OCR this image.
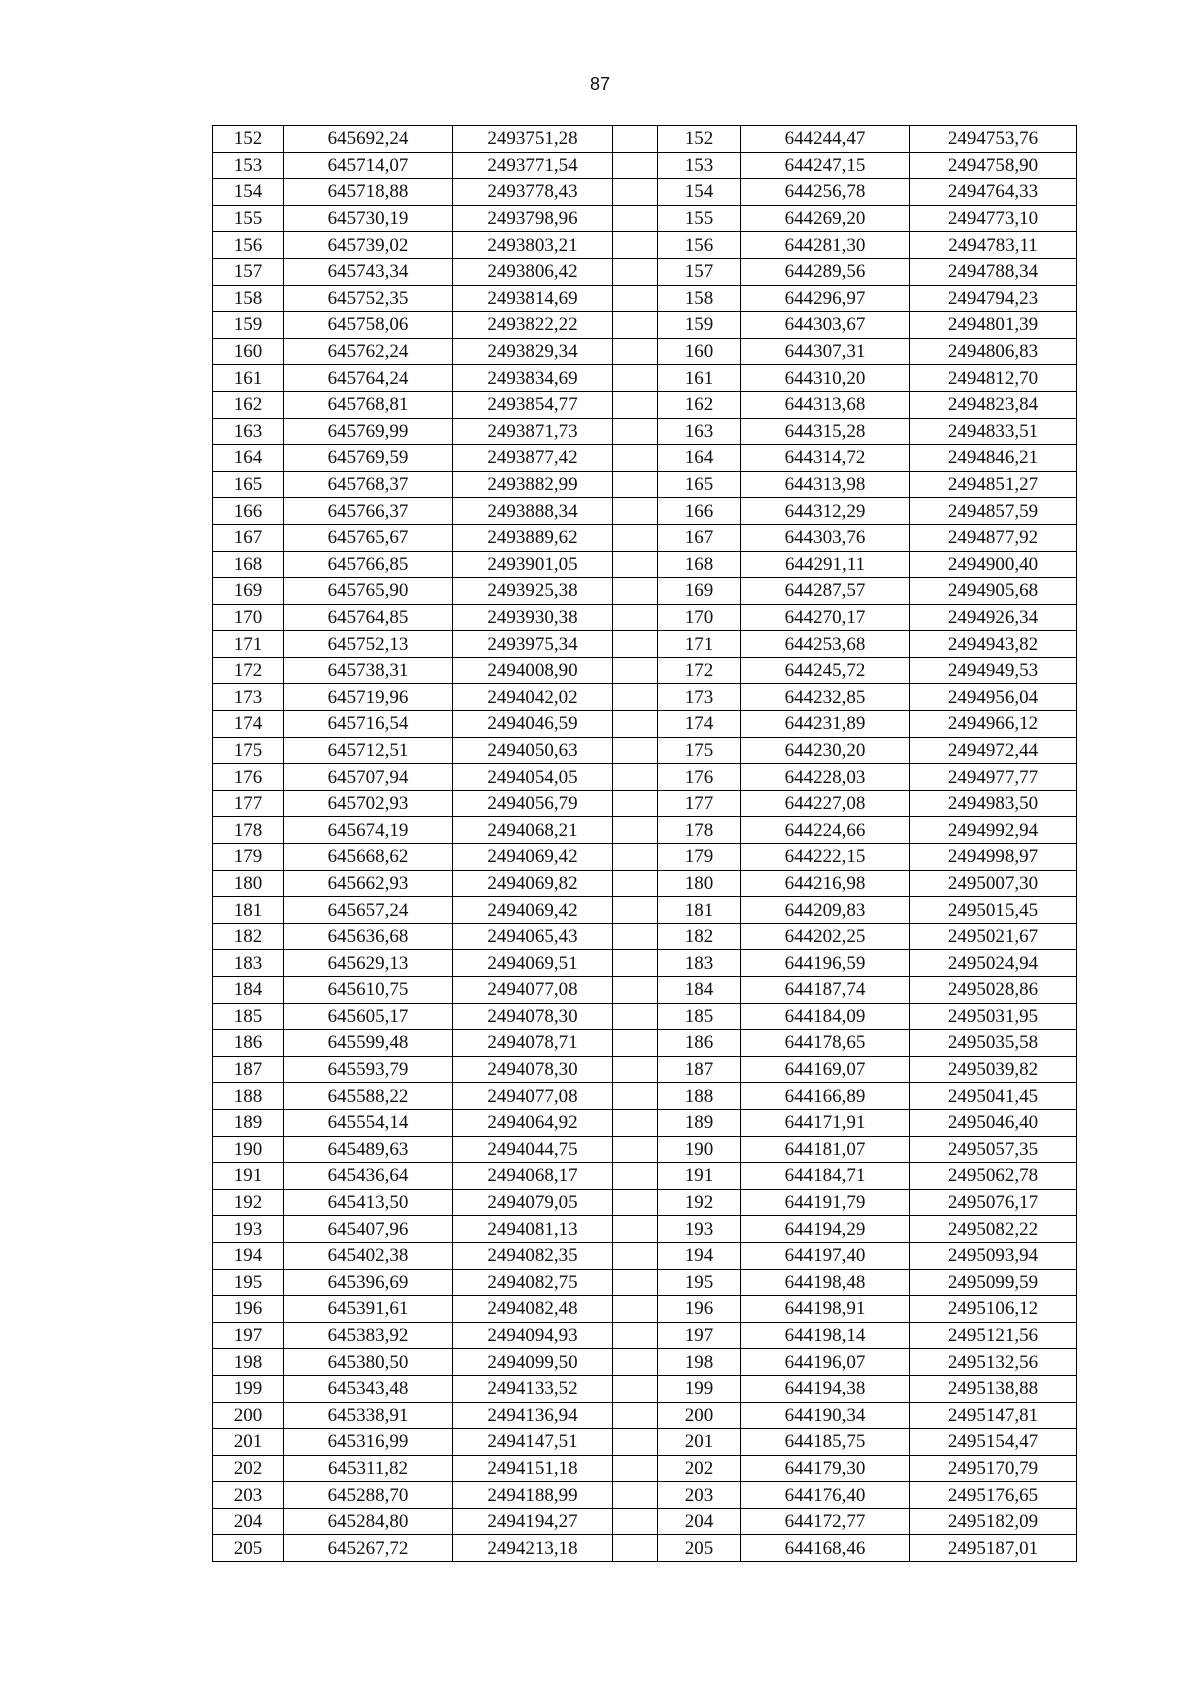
87
152	645692,24	2493751,28		152	644244,47	2494753,76
153	645714,07	2493771,54		153	644247,15	2494758,90
154	645718,88	2493778,43		154	644256,78	2494764,33
155	645730,19	2493798,96		155	644269,20	2494773,10
156	645739,02	2493803,21		156	644281,30	2494783,11
157	645743,34	2493806,42		157	644289,56	2494788,34
158	645752,35	2493814,69		158	644296,97	2494794,23
159	645758,06	2493822,22		159	644303,67	2494801,39
160	645762,24	2493829,34		160	644307,31	2494806,83
161	645764,24	2493834,69		161	644310,20	2494812,70
162	645768,81	2493854,77		162	644313,68	2494823,84
163	645769,99	2493871,73		163	644315,28	2494833,51
164	645769,59	2493877,42		164	644314,72	2494846,21
165	645768,37	2493882,99		165	644313,98	2494851,27
166	645766,37	2493888,34		166	644312,29	2494857,59
167	645765,67	2493889,62		167	644303,76	2494877,92
168	645766,85	2493901,05		168	644291,11	2494900,40
169	645765,90	2493925,38		169	644287,57	2494905,68
170	645764,85	2493930,38		170	644270,17	2494926,34
171	645752,13	2493975,34		171	644253,68	2494943,82
172	645738,31	2494008,90		172	644245,72	2494949,53
173	645719,96	2494042,02		173	644232,85	2494956,04
174	645716,54	2494046,59		174	644231,89	2494966,12
175	645712,51	2494050,63		175	644230,20	2494972,44
176	645707,94	2494054,05		176	644228,03	2494977,77
177	645702,93	2494056,79		177	644227,08	2494983,50
178	645674,19	2494068,21		178	644224,66	2494992,94
179	645668,62	2494069,42		179	644222,15	2494998,97
180	645662,93	2494069,82		180	644216,98	2495007,30
181	645657,24	2494069,42		181	644209,83	2495015,45
182	645636,68	2494065,43		182	644202,25	2495021,67
183	645629,13	2494069,51		183	644196,59	2495024,94
184	645610,75	2494077,08		184	644187,74	2495028,86
185	645605,17	2494078,30		185	644184,09	2495031,95
186	645599,48	2494078,71		186	644178,65	2495035,58
187	645593,79	2494078,30		187	644169,07	2495039,82
188	645588,22	2494077,08		188	644166,89	2495041,45
189	645554,14	2494064,92		189	644171,91	2495046,40
190	645489,63	2494044,75		190	644181,07	2495057,35
191	645436,64	2494068,17		191	644184,71	2495062,78
192	645413,50	2494079,05		192	644191,79	2495076,17
193	645407,96	2494081,13		193	644194,29	2495082,22
194	645402,38	2494082,35		194	644197,40	2495093,94
195	645396,69	2494082,75		195	644198,48	2495099,59
196	645391,61	2494082,48		196	644198,91	2495106,12
197	645383,92	2494094,93		197	644198,14	2495121,56
198	645380,50	2494099,50		198	644196,07	2495132,56
199	645343,48	2494133,52		199	644194,38	2495138,88
200	645338,91	2494136,94		200	644190,34	2495147,81
201	645316,99	2494147,51		201	644185,75	2495154,47
202	645311,82	2494151,18		202	644179,30	2495170,79
203	645288,70	2494188,99		203	644176,40	2495176,65
204	645284,80	2494194,27		204	644172,77	2495182,09
205	645267,72	2494213,18		205	644168,46	2495187,01
